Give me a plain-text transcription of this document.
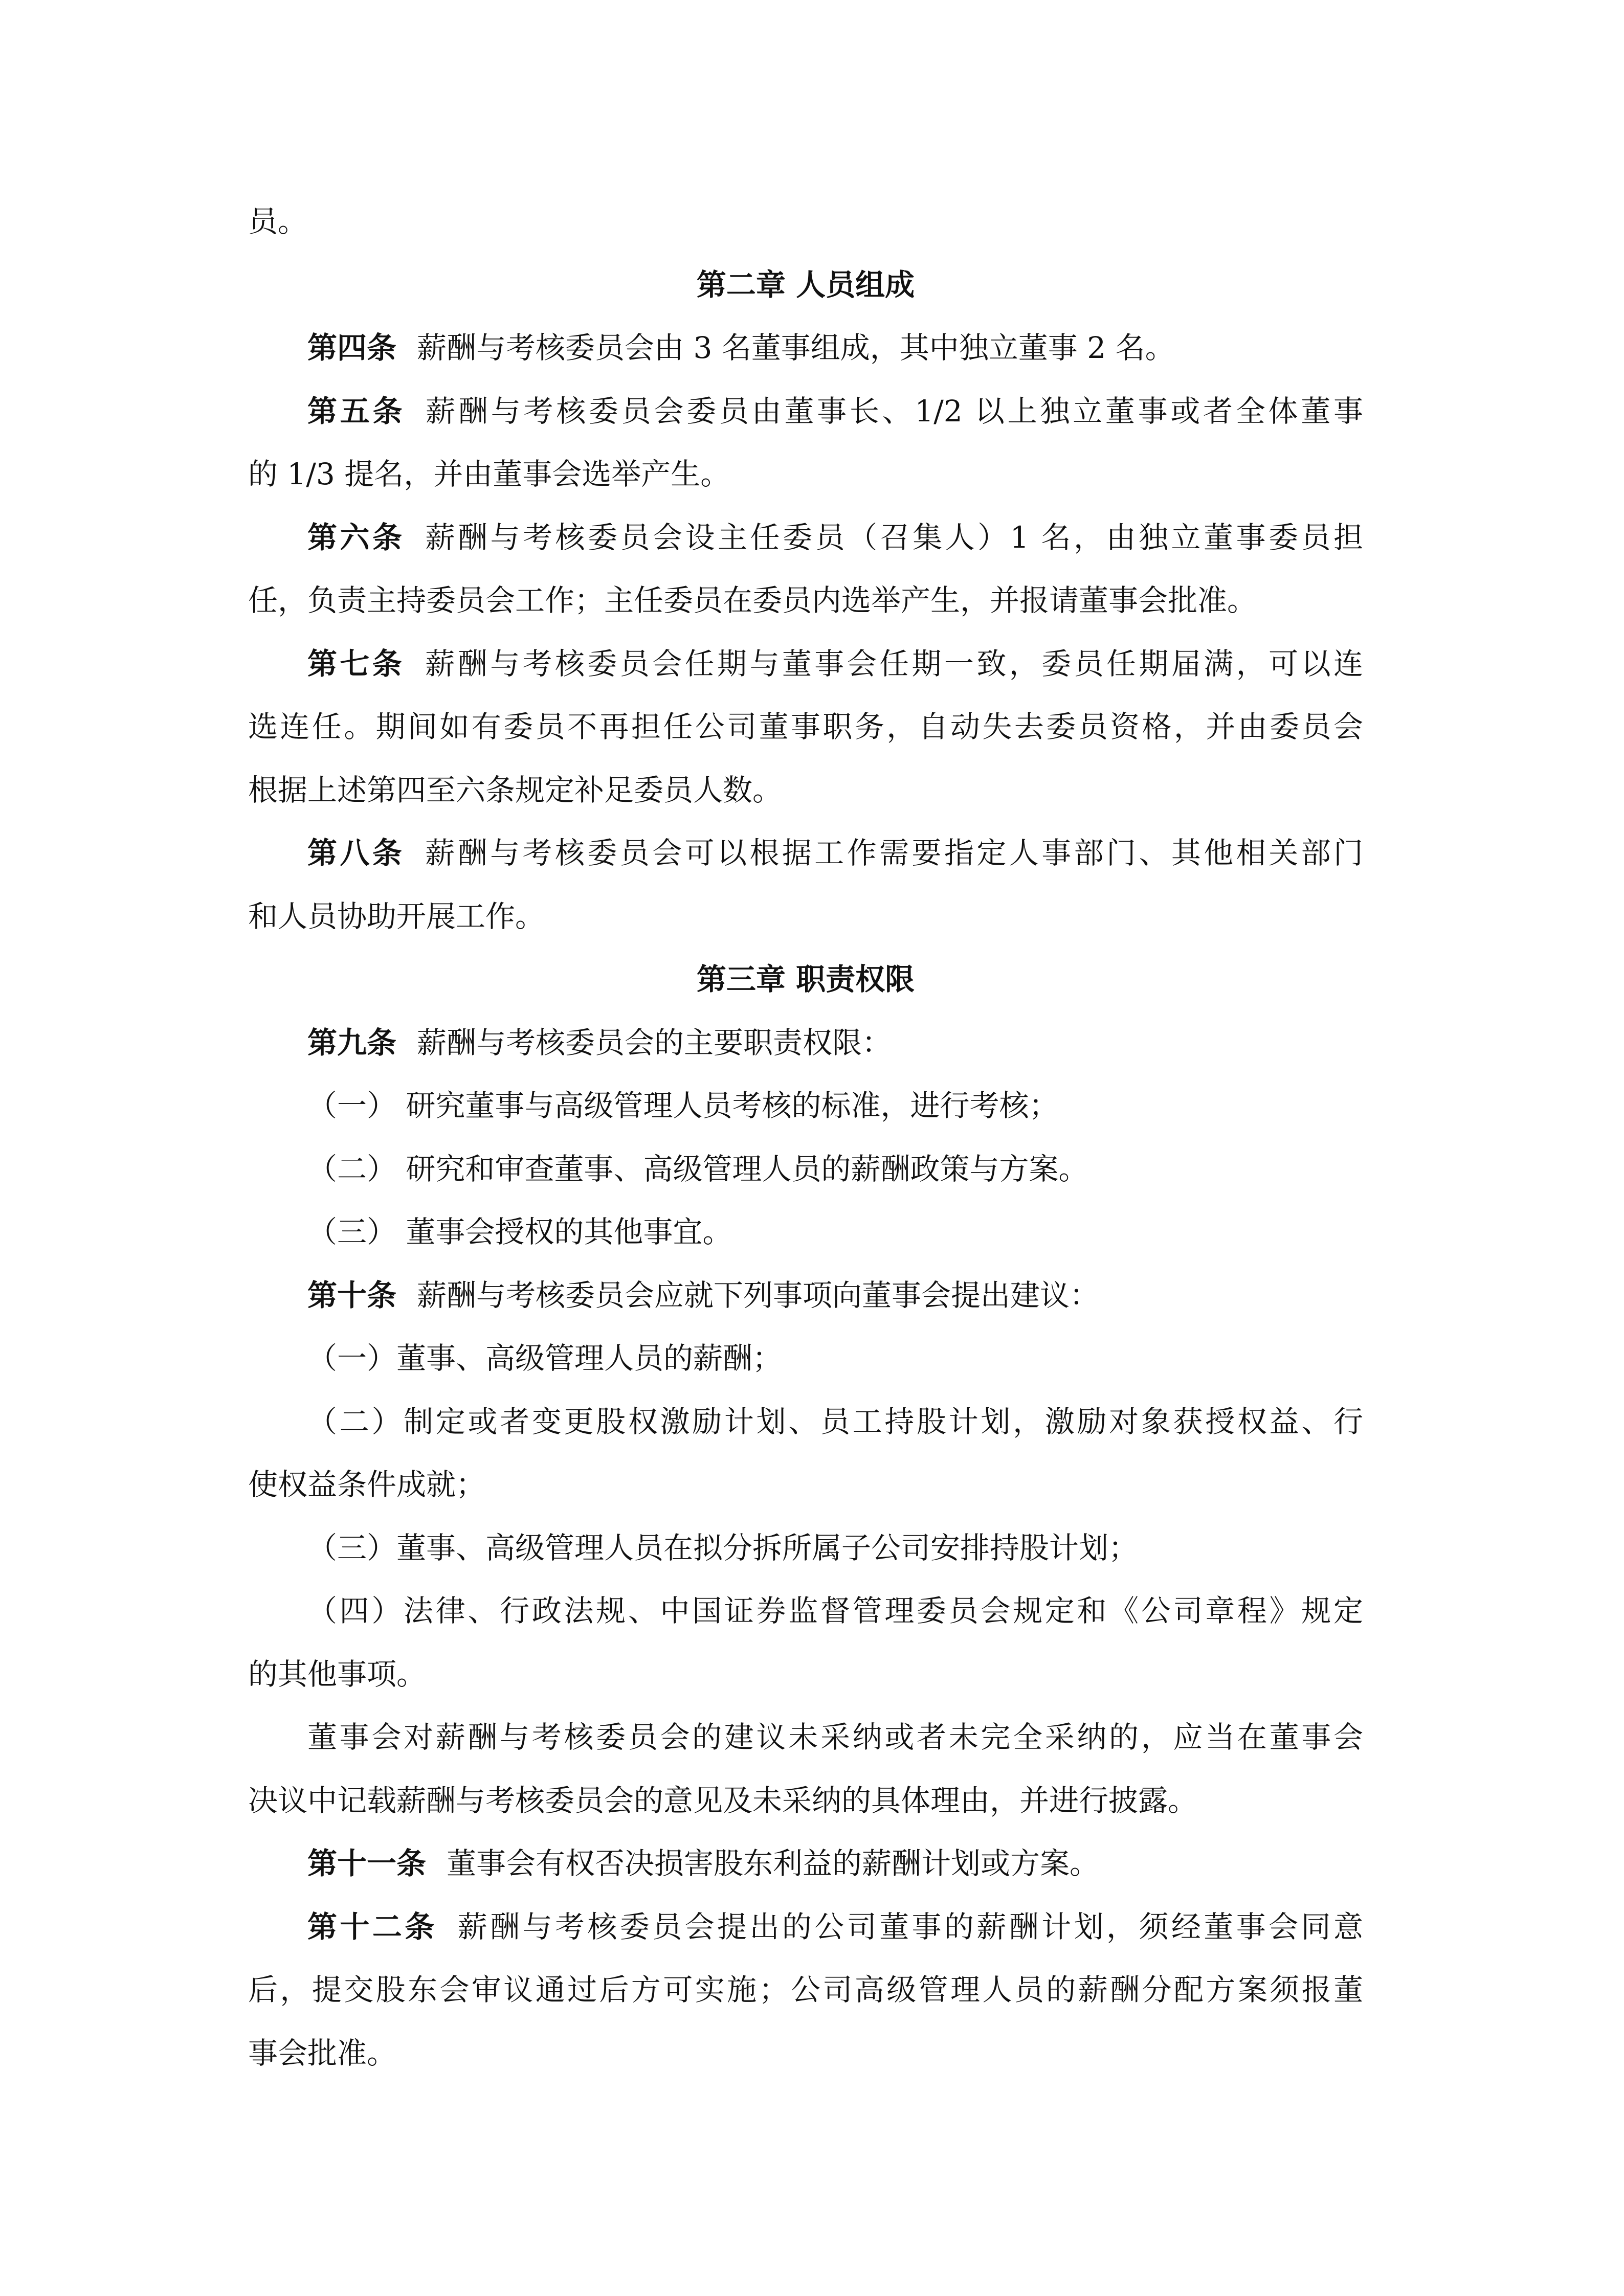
员。

第二章 人员组成

第四条 薪酬与考核委员会由 3 名董事组成，其中独立董事 2 名。

第五条 薪酬与考核委员会委员由董事长、1/2 以上独立董事或者全体董事

的 1/3 提名，并由董事会选举产生。

第六条 薪酬与考核委员会设主任委员（召集人）1 名，由独立董事委员担

任，负责主持委员会工作；主任委员在委员内选举产生，并报请董事会批准。

第七条 薪酬与考核委员会任期与董事会任期一致，委员任期届满，可以连

选连任。期间如有委员不再担任公司董事职务，自动失去委员资格，并由委员会

根据上述第四至六条规定补足委员人数。

第八条 薪酬与考核委员会可以根据工作需要指定人事部门、其他相关部门

和人员协助开展工作。

第三章 职责权限

第九条 薪酬与考核委员会的主要职责权限：

（一） 研究董事与高级管理人员考核的标准，进行考核；

（二） 研究和审查董事、高级管理人员的薪酬政策与方案。

（三） 董事会授权的其他事宜。

第十条 薪酬与考核委员会应就下列事项向董事会提出建议：

（一）董事、高级管理人员的薪酬；

（二）制定或者变更股权激励计划、员工持股计划，激励对象获授权益、行

使权益条件成就；

（三）董事、高级管理人员在拟分拆所属子公司安排持股计划；

（四）法律、行政法规、中国证券监督管理委员会规定和《公司章程》规定

的其他事项。

董事会对薪酬与考核委员会的建议未采纳或者未完全采纳的，应当在董事会

决议中记载薪酬与考核委员会的意见及未采纳的具体理由，并进行披露。

第十一条 董事会有权否决损害股东利益的薪酬计划或方案。

第十二条 薪酬与考核委员会提出的公司董事的薪酬计划，须经董事会同意

后，提交股东会审议通过后方可实施；公司高级管理人员的薪酬分配方案须报董

事会批准。
